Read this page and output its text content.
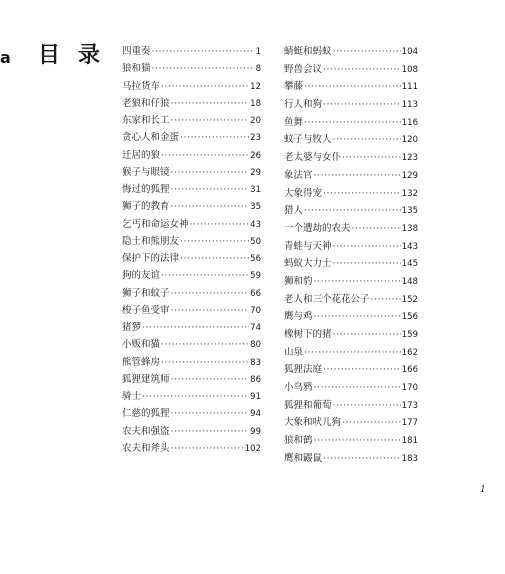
a 目录 四重奏 ·····	1
狼和猫 ·····	8
马拉货车 ·····	12
老狼和仔狼 ·····	18
东家和长工 ·····	20
贪心人和金蛋 ·····	23
迁居的狼 ·····	26
猴子与眼镜 ·····	29
悔过的狐狸 ·····	31
狮子的教育 ·····	35
乞丐和命运女神 ·····	43
隐士和熊朋友 ·····	50
保护下的法律 ·····	56
狗的友谊 ·····	59
狮子和蚊子 ·····	66
梭子鱼受审 ·····	70
猪猡 ·····	74
小贩和猫 ·····	80
熊管蜂房 ·····	83
狐狸建筑师 ·····	86
骑士 ·····	91
仁慈的狐狸 ·····	94
农夫和强盗 ·····	99
农夫和斧头 ·····	102
蜻蜓和蚂蚁 ·····	104
野兽会议 ·····	108
攀藤 ·····	111
行人和狗 ·····	113
鱼舞 ·····	116
蚊子与牧人 ·····	120
老太婆与女仆 ·····	123
象法官 ·····	129
大象得宠 ·····	132
猎人 ·····	135
一个遭劫的农夫 ·····	138
青蛙与天神 ·····	143
蚂蚁大力士 ·····	145
狮和豹 ·····	148
老人和三个花花公子 ·····	152
鹰与鸡 ·····	156
橡树下的猪 ·····	159
山泉 ·····	162
狐狸法庭 ·····	166
小乌鸦 ·····	170
狐狸和葡萄 ·····	173
大象和吠儿狗 ·····	177
狼和鹤 ·····	181
鹰和鼹鼠 ·····	183
1
